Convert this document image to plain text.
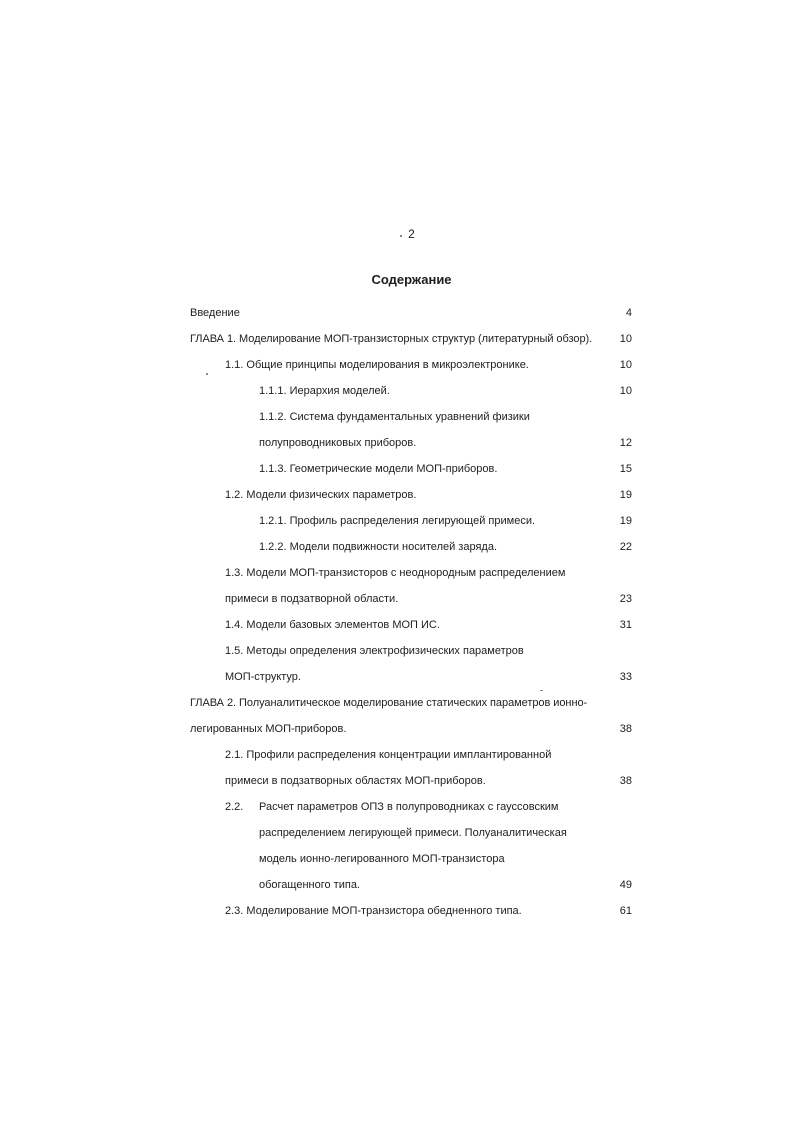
2
Содержание
Введение	4
ГЛАВА 1. Моделирование МОП-транзисторных структур (литературный обзор).	10
1.1. Общие принципы моделирования в микроэлектронике.	10
1.1.1. Иерархия моделей.	10
1.1.2. Система фундаментальных уравнений физики
полупроводниковых приборов.	12
1.1.3. Геометрические модели МОП-приборов.	15
1.2. Модели физических параметров.	19
1.2.1. Профиль распределения легирующей примеси.	19
1.2.2. Модели подвижности носителей заряда.	22
1.3. Модели МОП-транзисторов с неоднородным распределением
примеси в подзатворной области.	23
1.4. Модели базовых элементов МОП ИС.	31
1.5. Методы определения электрофизических параметров
МОП-структур.	33
ГЛАВА 2. Полуаналитическое моделирование статических параметров ионно-
легированных МОП-приборов.	38
2.1. Профили распределения концентрации имплантированной
примеси в подзатворных областях МОП-приборов.	38
2.2. Расчет параметров ОПЗ в полупроводниках с гауссовским
распределением легирующей примеси. Полуаналитическая
модель ионно-легированного МОП-транзистора
обогащенного типа.	49
2.3. Моделирование МОП-транзистора обедненного типа.	61
